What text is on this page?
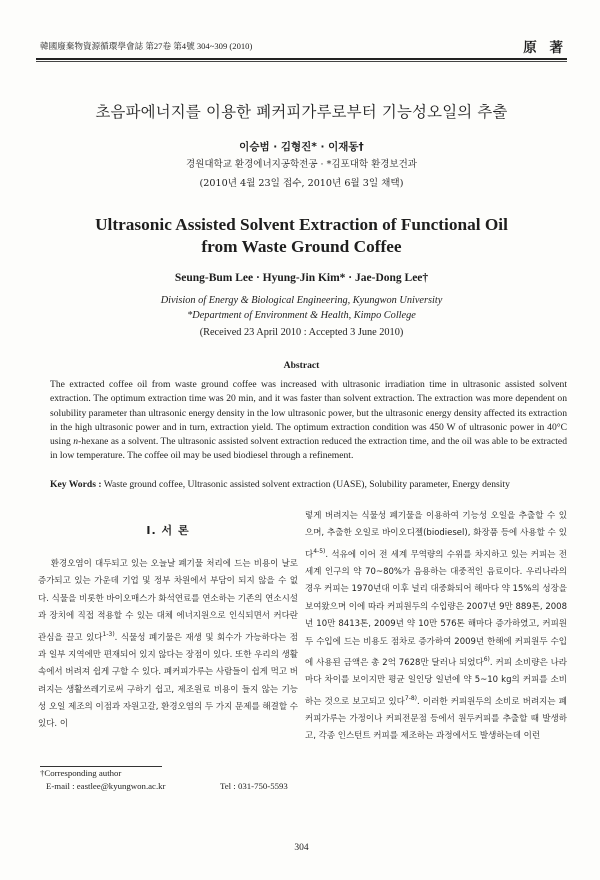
韓國廢棄物資源循環學會誌 第27卷 第4號 304~309 (2010)	原 著
초음파에너지를 이용한 폐커피가루로부터 기능성오일의 추출
이승범 · 김형진* · 이재동†
경원대학교 환경에너지공학전공 · *김포대학 환경보건과
(2010년 4월 23일 접수, 2010년 6월 3일 채택)
Ultrasonic Assisted Solvent Extraction of Functional Oil
from Waste Ground Coffee
Seung-Bum Lee · Hyung-Jin Kim* · Jae-Dong Lee†
Division of Energy & Biological Engineering, Kyungwon University
*Department of Environment & Health, Kimpo College
(Received 23 April 2010 : Accepted 3 June 2010)
Abstract
The extracted coffee oil from waste ground coffee was increased with ultrasonic irradiation time in ultrasonic assisted solvent extraction. The optimum extraction time was 20 min, and it was faster than solvent extraction. The extraction was more dependent on solubility parameter than ultrasonic energy density in the low ultrasonic power, but the ultrasonic energy density affected its extraction in the high ultrasonic power and in turn, extraction yield. The optimum extraction condition was 450 W of ultrasonic power in 40°C using n-hexane as a solvent. The ultrasonic assisted solvent extraction reduced the extraction time, and the oil was able to be extracted in low temperature. The coffee oil may be used biodiesel through a refinement.
Key Words : Waste ground coffee, Ultrasonic assisted solvent extraction (UASE), Solubility parameter, Energy density
I. 서 론

환경오염이 대두되고 있는 오늘날 폐기물 처리에 드는 비용이 날로 증가되고 있는 가운데 기업 및 정부 차원에서 부담이 되지 않을 수 없다. 식물을 비롯한 바이오매스가 화석연료를 연소하는 기존의 연소시설과 장치에 직접 적용할 수 있는 대체 에너지원으로 인식되면서 커다란 관심을 끌고 있다$^{1-3)}$. 식물성 폐기물은 재생 및 회수가 가능하다는 점과 일부 지역에만 편재되어 있지 않다는 장점이 있다. 또한 우리의 생활 속에서 버려져 쉽게 구할 수 있다. 폐커피가루는 사람들이 쉽게 먹고 버려지는 생활쓰레기로써 구하기 쉽고, 제조원료 비용이 들지 않는 기능성 오일 제조의 이점과 자원고갈, 환경오염의 두 가지 문제를 해결할 수 있다. 이

렇게 버려지는 식물성 폐기물을 이용하여 기능성 오일을 추출할 수 있으며, 추출한 오일로 바이오디젤(biodiesel), 화장품 등에 사용할 수 있다$^{4-5)}$. 석유에 이어 전 세계 무역량의 수위를 차지하고 있는 커피는 전세계 인구의 약 70~80%가 음용하는 대중적인 음료이다. 우리나라의 경우 커피는 1970년대 이후 널리 대중화되어 해마다 약 15%의 성장을 보여왔으며 이에 따라 커피원두의 수입량은 2007년 9만 889톤, 2008년 10만 8413톤, 2009년 약 10만 576톤 해마다 증가하였고, 커피원두 수입에 드는 비용도 점차로 증가하여 2009년 한해에 커피원두 수입에 사용된 금액은 총 2억 7628만 달러나 되었다$^{6)}$. 커피 소비량은 나라마다 차이를 보이지만 평균 일인당 일년에 약 5~10 kg의 커피를 소비하는 것으로 보고되고 있다$^{7-8)}$. 이러한 커피원두의 소비로 버려지는 폐커피가루는 가정이나 커피전문점 등에서 원두커피를 추출할 때 발생하고, 각종 인스턴트 커피를 제조하는 과정에서도 발생하는데 이런

†Corresponding author
E-mail : eastlee@kyungwon.ac.kr	Tel : 031-750-5593
304
